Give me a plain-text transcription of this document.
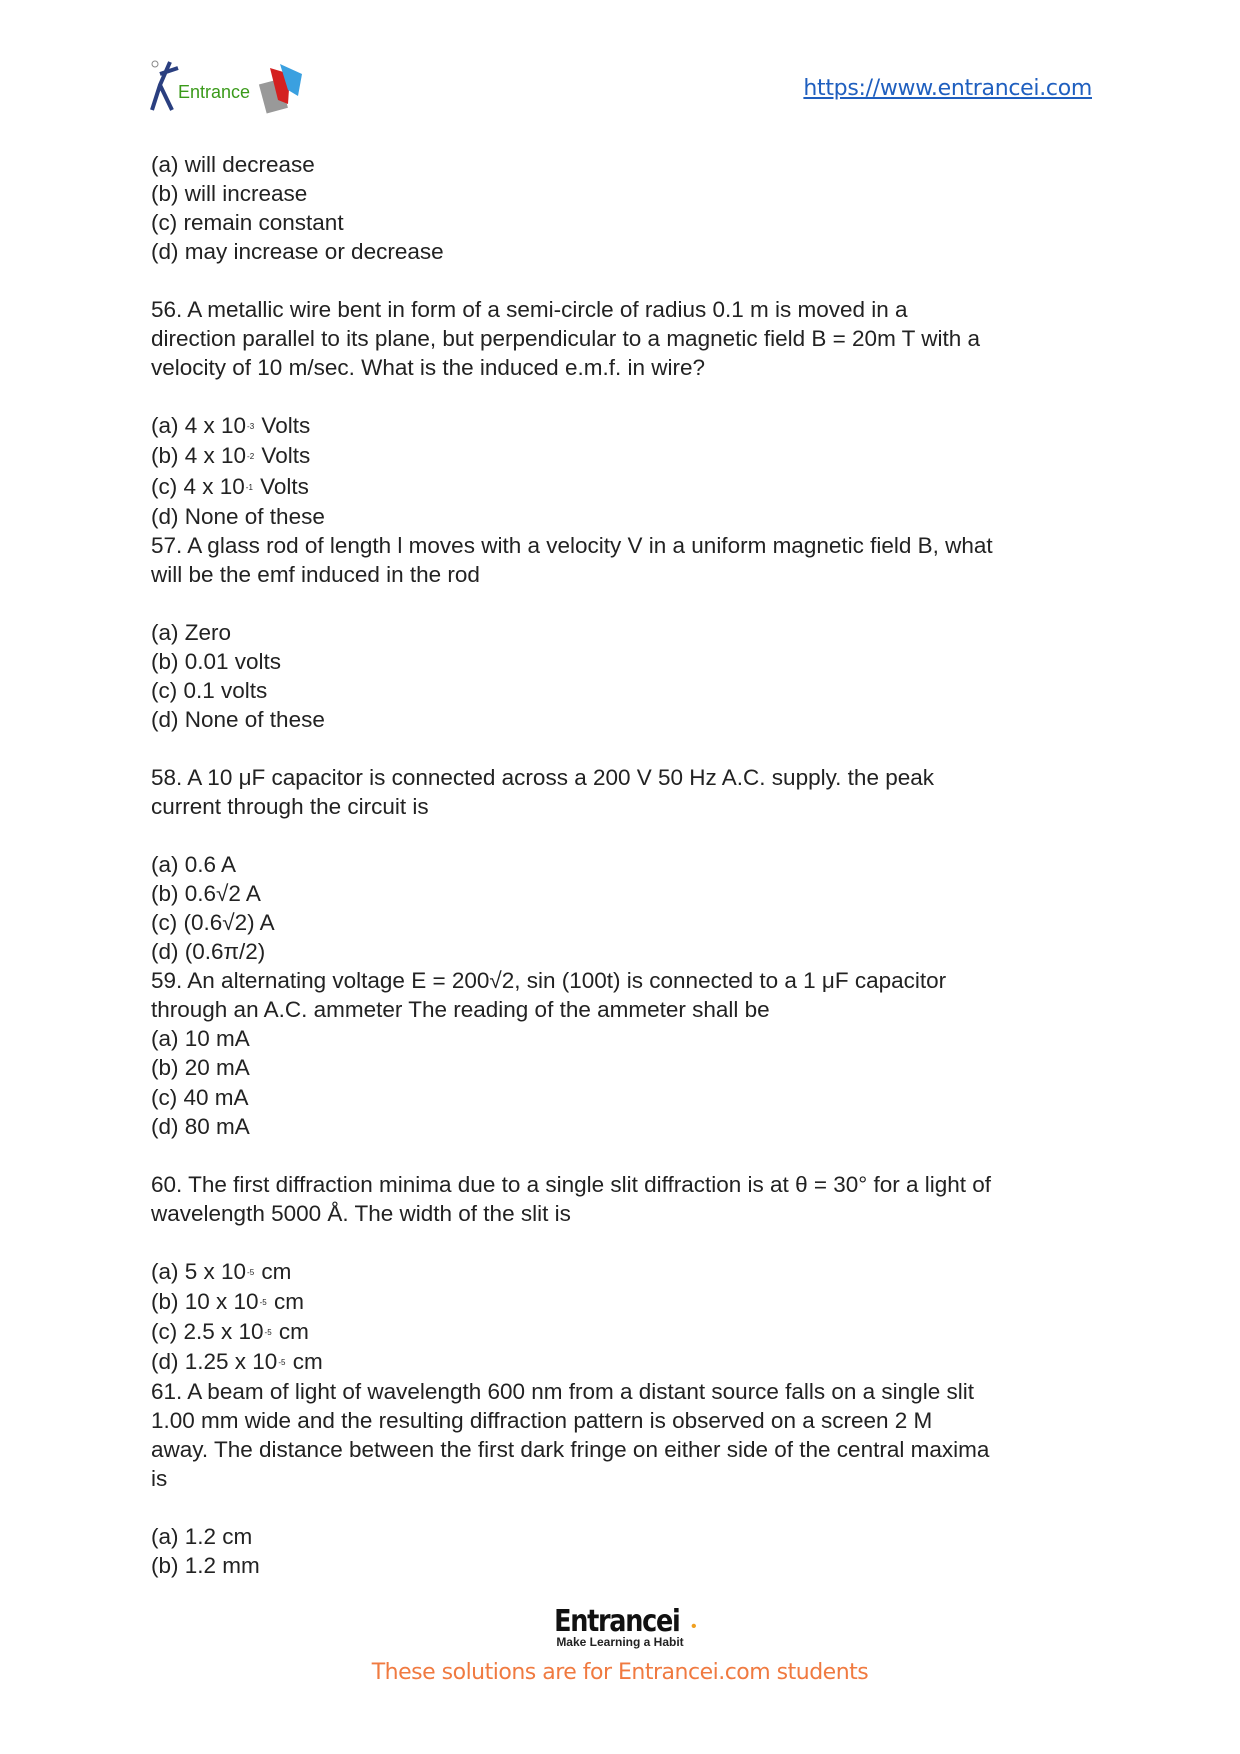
Entrance	https://www.entrancei.com
(a) will decrease
(b) will increase
(c) remain constant
(d) may increase or decrease
56. A metallic wire bent in form of a semi-circle of radius 0.1 m is moved in a
direction parallel to its plane, but perpendicular to a magnetic field B = 20m T with a
velocity of 10 m/sec. What is the induced e.m.f. in wire?
(a) 4 x $10^{-3}$ Volts
(b) 4 x $10^{-2}$ Volts
(c) 4 x $10^{-1}$ Volts
(d) None of these
57. A glass rod of length l moves with a velocity V in a uniform magnetic field B, what
will be the emf induced in the rod
(a) Zero
(b) 0.01 volts
(c) 0.1 volts
(d) None of these
58. A 10 μF capacitor is connected across a 200 V 50 Hz A.C. supply. the peak
current through the circuit is
(a) 0.6 A
(b) 0.6√2 A
(c) (0.6√2) A
(d) (0.6π/2)
59. An alternating voltage E = 200√2, sin (100t) is connected to a 1 μF capacitor
through an A.C. ammeter The reading of the ammeter shall be
(a) 10 mA
(b) 20 mA
(c) 40 mA
(d) 80 mA
60. The first diffraction minima due to a single slit diffraction is at θ = 30° for a light of
wavelength 5000 Å. The width of the slit is
(a) 5 x $10^{-5}$ cm
(b) 10 x $10^{-5}$ cm
(c) 2.5 x $10^{-5}$ cm
(d) 1.25 x $10^{-5}$ cm
61. A beam of light of wavelength 600 nm from a distant source falls on a single slit
1.00 mm wide and the resulting diffraction pattern is observed on a screen 2 M
away. The distance between the first dark fringe on either side of the central maxima
is
(a) 1.2 cm
(b) 1.2 mm
Entrancei •
Make Learning a Habit
These solutions are for Entrancei.com students
